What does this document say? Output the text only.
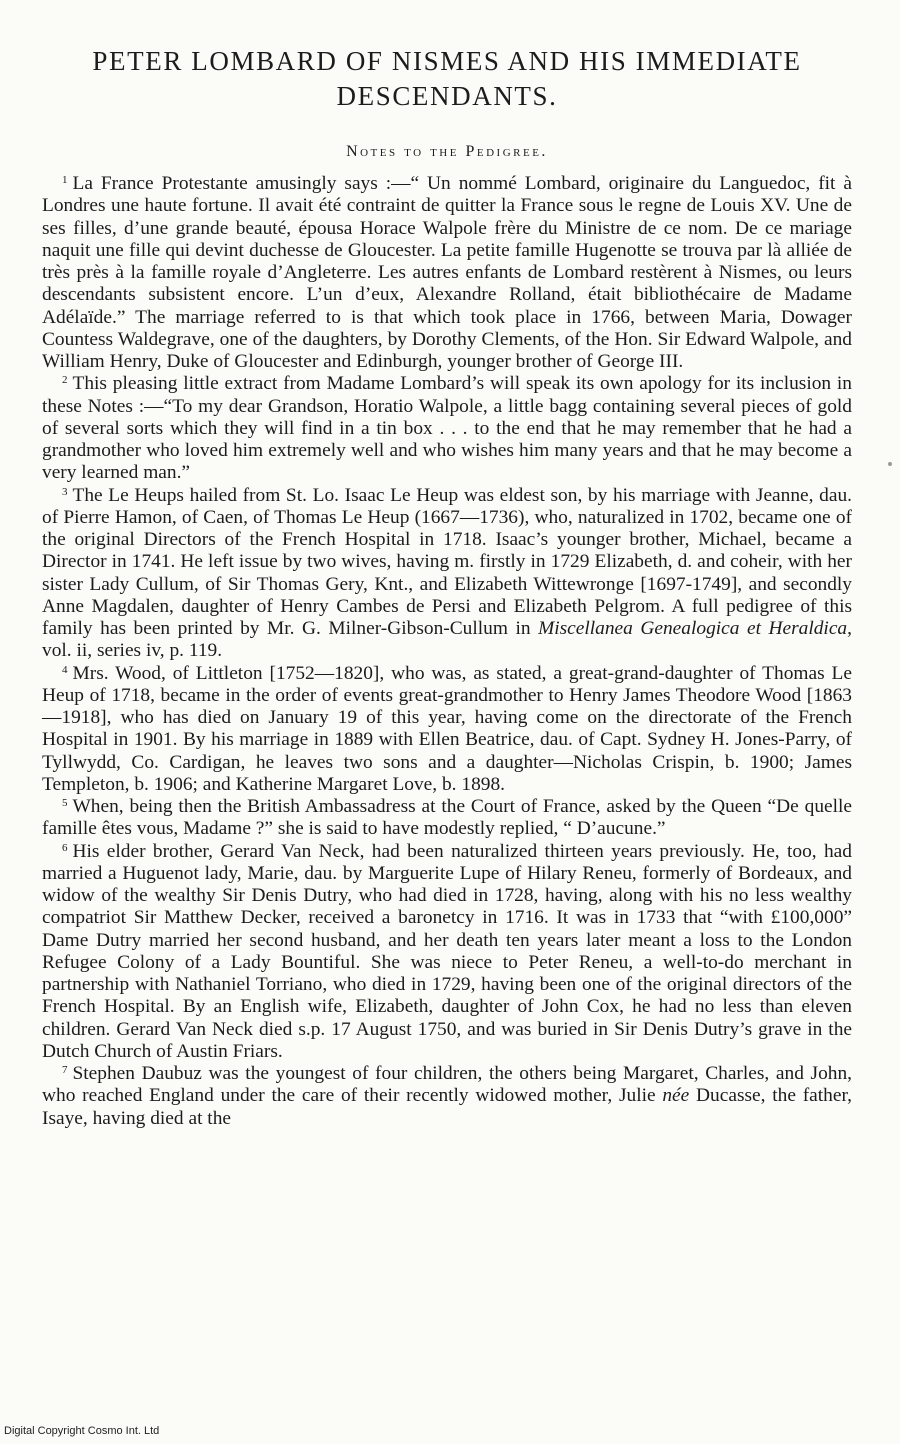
PETER LOMBARD OF NISMES AND HIS IMMEDIATE
DESCENDANTS.
Notes to the Pedigree.

$^1$ La France Protestante amusingly says :—“ Un nommé Lombard, originaire du Languedoc, fit à Londres une haute fortune. Il avait été contraint de quitter la France sous le regne de Louis XV. Une de ses filles, d’une grande beauté, épousa Horace Walpole frère du Ministre de ce nom. De ce mariage naquit une fille qui devint duchesse de Gloucester. La petite famille Hugenotte se trouva par là alliée de très près à la famille royale d’Angleterre. Les autres enfants de Lombard restèrent à Nismes, ou leurs descendants subsistent encore. L’un d’eux, Alexandre Rolland, était bibliothécaire de Madame Adélaïde.” The marriage referred to is that which took place in 1766, between Maria, Dowager Countess Waldegrave, one of the daughters, by Dorothy Clements, of the Hon. Sir Edward Walpole, and William Henry, Duke of Gloucester and Edinburgh, younger brother of George III.

$^2$ This pleasing little extract from Madame Lombard’s will speak its own apology for its inclusion in these Notes :—“To my dear Grandson, Horatio Walpole, a little bagg containing several pieces of gold of several sorts which they will find in a tin box . . . to the end that he may remember that he had a grandmother who loved him extremely well and who wishes him many years and that he may become a very learned man.”

$^3$ The Le Heups hailed from St. Lo. Isaac Le Heup was eldest son, by his marriage with Jeanne, dau. of Pierre Hamon, of Caen, of Thomas Le Heup (1667—1736), who, naturalized in 1702, became one of the original Directors of the French Hospital in 1718. Isaac’s younger brother, Michael, became a Director in 1741. He left issue by two wives, having m. firstly in 1729 Elizabeth, d. and coheir, with her sister Lady Cullum, of Sir Thomas Gery, Knt., and Elizabeth Wittewronge [1697-1749], and secondly Anne Magdalen, daughter of Henry Cambes de Persi and Elizabeth Pelgrom. A full pedigree of this family has been printed by Mr. G. Milner-Gibson-Cullum in Miscellanea Genealogica et Heraldica, vol. ii, series iv, p. 119.

$^4$ Mrs. Wood, of Littleton [1752—1820], who was, as stated, a great-grand-daughter of Thomas Le Heup of 1718, became in the order of events great-grandmother to Henry James Theodore Wood [1863—1918], who has died on January 19 of this year, having come on the directorate of the French Hospital in 1901. By his marriage in 1889 with Ellen Beatrice, dau. of Capt. Sydney H. Jones-Parry, of Tyllwydd, Co. Cardigan, he leaves two sons and a daughter—Nicholas Crispin, b. 1900; James Templeton, b. 1906; and Katherine Margaret Love, b. 1898.

$^5$ When, being then the British Ambassadress at the Court of France, asked by the Queen “De quelle famille êtes vous, Madame ?” she is said to have modestly replied, “ D’aucune.”

$^6$ His elder brother, Gerard Van Neck, had been naturalized thirteen years previously. He, too, had married a Huguenot lady, Marie, dau. by Marguerite Lupe of Hilary Reneu, formerly of Bordeaux, and widow of the wealthy Sir Denis Dutry, who had died in 1728, having, along with his no less wealthy compatriot Sir Matthew Decker, received a baronetcy in 1716. It was in 1733 that “with £100,000” Dame Dutry married her second husband, and her death ten years later meant a loss to the London Refugee Colony of a Lady Bountiful. She was niece to Peter Reneu, a well-to-do merchant in partnership with Nathaniel Torriano, who died in 1729, having been one of the original directors of the French Hospital. By an English wife, Elizabeth, daughter of John Cox, he had no less than eleven children. Gerard Van Neck died s.p. 17 August 1750, and was buried in Sir Denis Dutry’s grave in the Dutch Church of Austin Friars.

$^7$ Stephen Daubuz was the youngest of four children, the others being Margaret, Charles, and John, who reached England under the care of their recently widowed mother, Julie née Ducasse, the father, Isaye, having died at the

Digital Copyright Cosmo Int. Ltd
